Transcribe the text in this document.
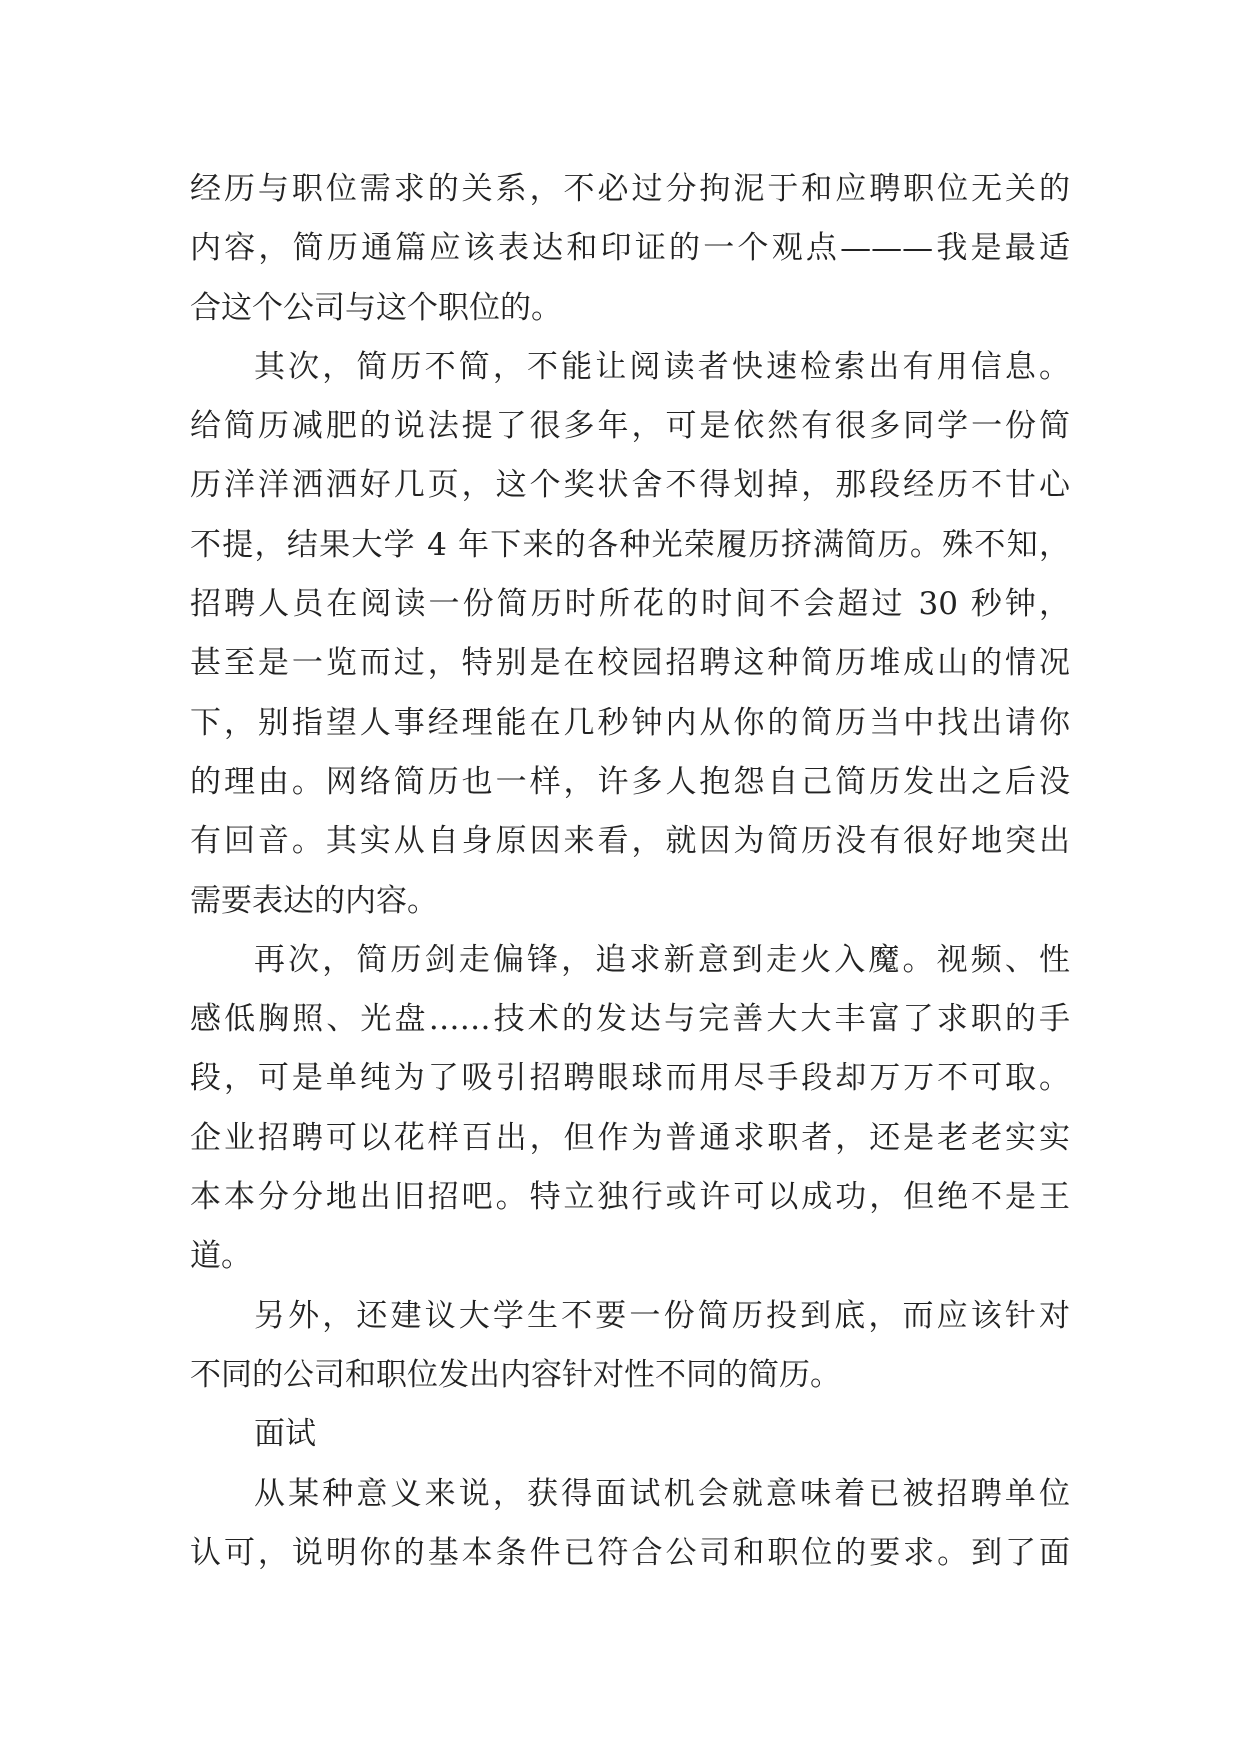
经历与职位需求的关系，不必过分拘泥于和应聘职位无关的
内容，简历通篇应该表达和印证的一个观点———我是最适
合这个公司与这个职位的。
其次，简历不简，不能让阅读者快速检索出有用信息。
给简历减肥的说法提了很多年，可是依然有很多同学一份简
历洋洋洒洒好几页，这个奖状舍不得划掉，那段经历不甘心
不提，结果大学 4 年下来的各种光荣履历挤满简历。殊不知，
招聘人员在阅读一份简历时所花的时间不会超过 30 秒钟，
甚至是一览而过，特别是在校园招聘这种简历堆成山的情况
下，别指望人事经理能在几秒钟内从你的简历当中找出请你
的理由。网络简历也一样，许多人抱怨自己简历发出之后没
有回音。其实从自身原因来看，就因为简历没有很好地突出
需要表达的内容。
再次，简历剑走偏锋，追求新意到走火入魔。视频、性
感低胸照、光盘……技术的发达与完善大大丰富了求职的手
段，可是单纯为了吸引招聘眼球而用尽手段却万万不可取。
企业招聘可以花样百出，但作为普通求职者，还是老老实实
本本分分地出旧招吧。特立独行或许可以成功，但绝不是王
道。
另外，还建议大学生不要一份简历投到底，而应该针对
不同的公司和职位发出内容针对性不同的简历。
面试
从某种意义来说，获得面试机会就意味着已被招聘单位
认可，说明你的基本条件已符合公司和职位的要求。到了面
